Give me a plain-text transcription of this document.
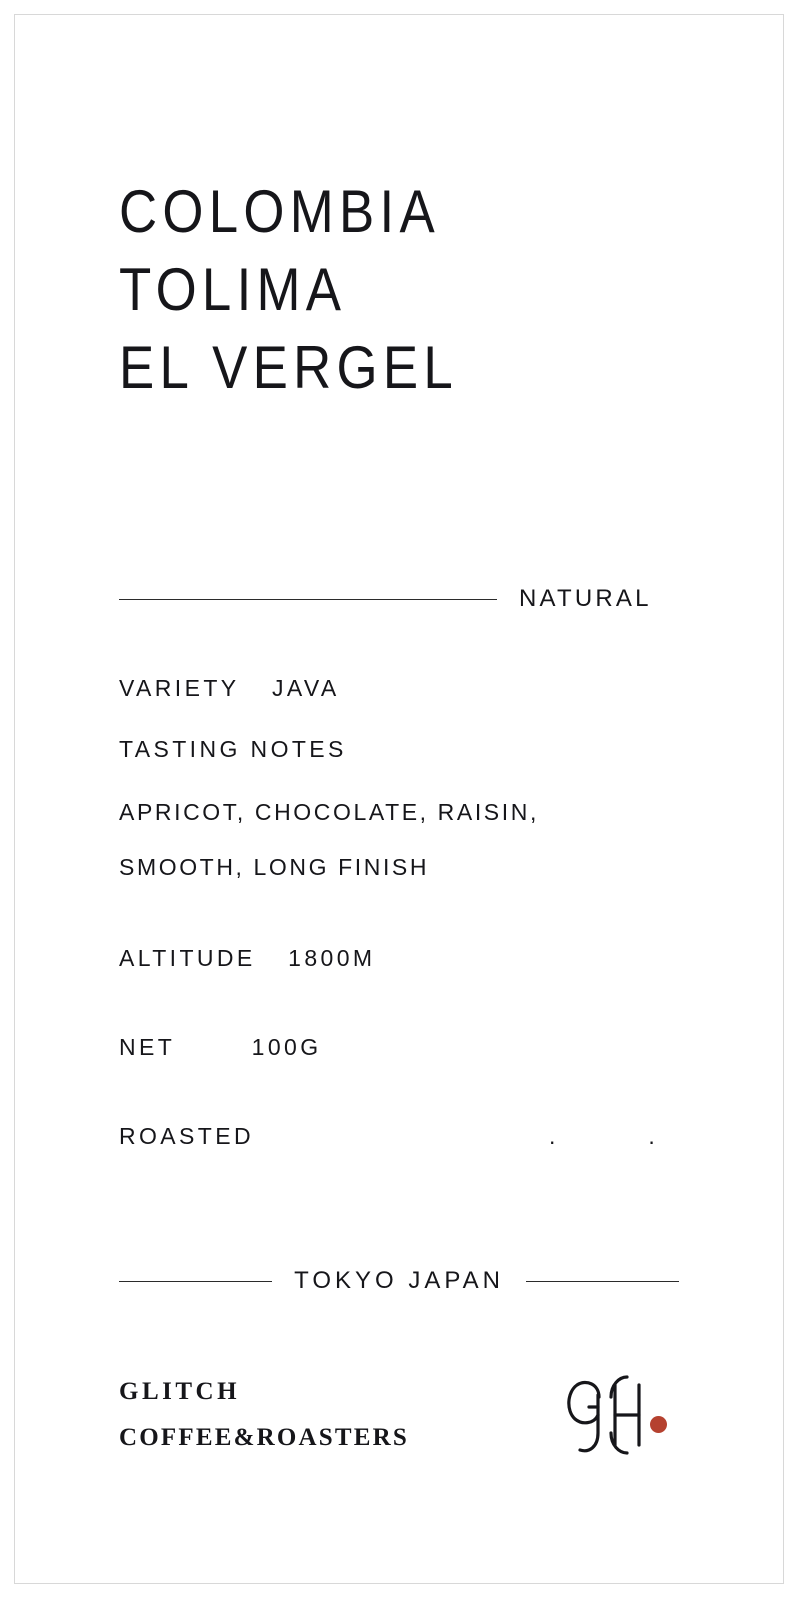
COLOMBIA
TOLIMA
EL VERGEL
NATURAL
VARIETY JAVA
TASTING NOTES
APRICOT, CHOCOLATE, RAISIN,
SMOOTH, LONG FINISH
ALTITUDE 1800M
NET	100G
ROASTED	.	.
TOKYO JAPAN
GLITCH
COFFEE&ROASTERS
